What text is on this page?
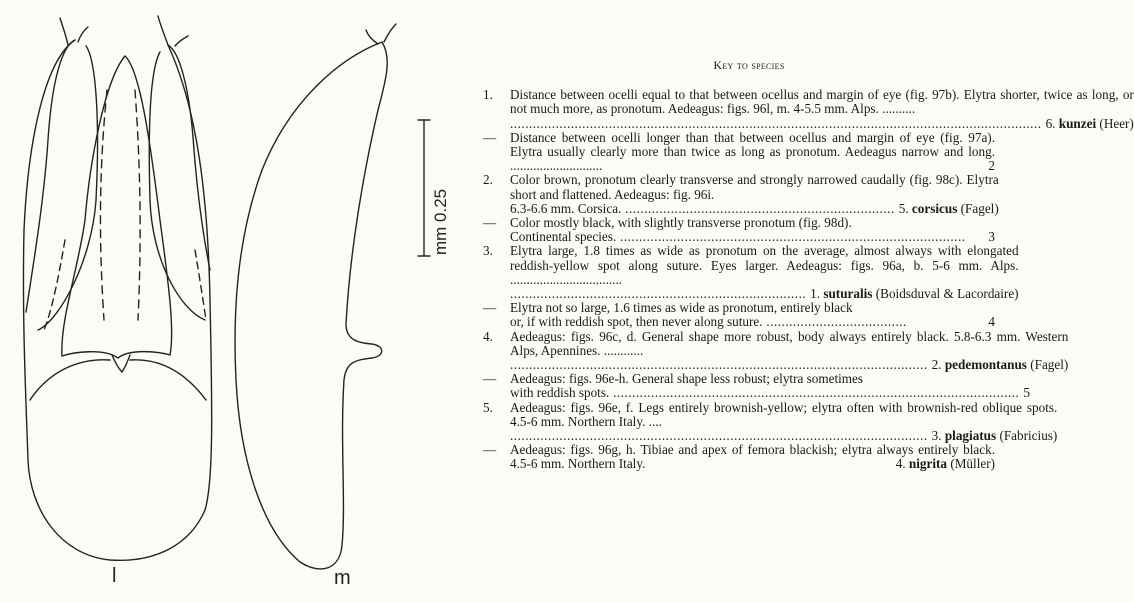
mm 0.25
l	m
Key to species
1.	Distance between ocelli equal to that between ocellus and margin of eye (fig. 97b). Elytra shorter, twice as long, or not much more, as pronotum. Aedeagus: figs. 96l, m. 4-5.5 mm. Alps. ..........
............................................................................................................................................ 6. kunzei (Heer)
—	Distance between ocelli longer than that between ocellus and margin of eye (fig. 97a). Elytra usually clearly more than twice as long as pronotum. Aedeagus narrow and long. ............................	2
2.	Color brown, pronotum clearly transverse and strongly narrowed caudally (fig. 98c). Elytra short and flattened. Aedeagus: fig. 96i.
6.3-6.6 mm. Corsica. ....................................................................... 5. corsicus (Fagel)
—	Color mostly black, with slightly transverse pronotum (fig. 98d).
Continental species. ...........................................................................................	3
3.	Elytra large, 1.8 times as wide as pronotum on the average, almost always with elongated reddish-yellow spot along suture. Eyes larger. Aedeagus: figs. 96a, b. 5-6 mm. Alps. ..................................
.............................................................................. 1. suturalis (Boidsduval & Lacordaire)
—	Elytra not so large, 1.6 times as wide as pronotum, entirely black
or, if with reddish spot, then never along suture. .....................................	4
4.	Aedeagus: figs. 96c, d. General shape more robust, body always entirely black. 5.8-6.3 mm. Western Alps, Apennines. ............
.............................................................................................................. 2. pedemontanus (Fagel)
—	Aedeagus: figs. 96e-h. General shape less robust; elytra sometimes
with reddish spots. ........................................................................................................... 5
5.	Aedeagus: figs. 96e, f. Legs entirely brownish-yellow; elytra often with brownish-red oblique spots. 4.5-6 mm. Northern Italy. ....
.............................................................................................................. 3. plagiatus (Fabricius)
—	Aedeagus: figs. 96g, h. Tibiae and apex of femora blackish; elytra always entirely black. 4.5-6 mm. Northern Italy.	4. nigrita (Müller)
